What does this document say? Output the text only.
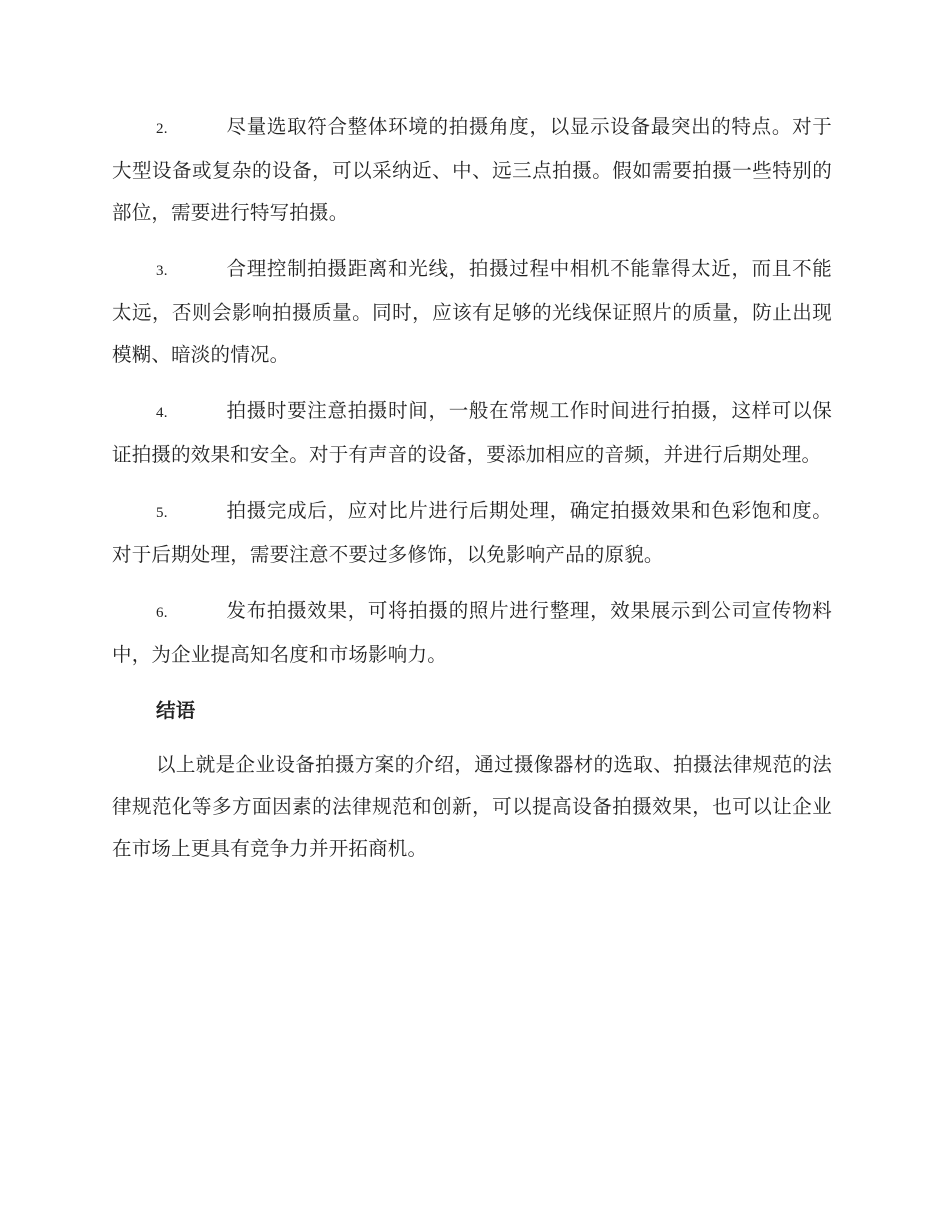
2.	尽量选取符合整体环境的拍摄角度，以显示设备最突出的特点。对于大型设备或复杂的设备，可以采纳近、中、远三点拍摄。假如需要拍摄一些特别的部位，需要进行特写拍摄。

3.	合理控制拍摄距离和光线，拍摄过程中相机不能靠得太近，而且不能太远，否则会影响拍摄质量。同时，应该有足够的光线保证照片的质量，防止出现模糊、暗淡的情况。

4.	拍摄时要注意拍摄时间，一般在常规工作时间进行拍摄，这样可以保证拍摄的效果和安全。对于有声音的设备，要添加相应的音频，并进行后期处理。

5.	拍摄完成后，应对比片进行后期处理，确定拍摄效果和色彩饱和度。对于后期处理，需要注意不要过多修饰，以免影响产品的原貌。

6.	发布拍摄效果，可将拍摄的照片进行整理，效果展示到公司宣传物料中，为企业提高知名度和市场影响力。

结语

以上就是企业设备拍摄方案的介绍，通过摄像器材的选取、拍摄法律规范的法律规范化等多方面因素的法律规范和创新，可以提高设备拍摄效果，也可以让企业在市场上更具有竞争力并开拓商机。
